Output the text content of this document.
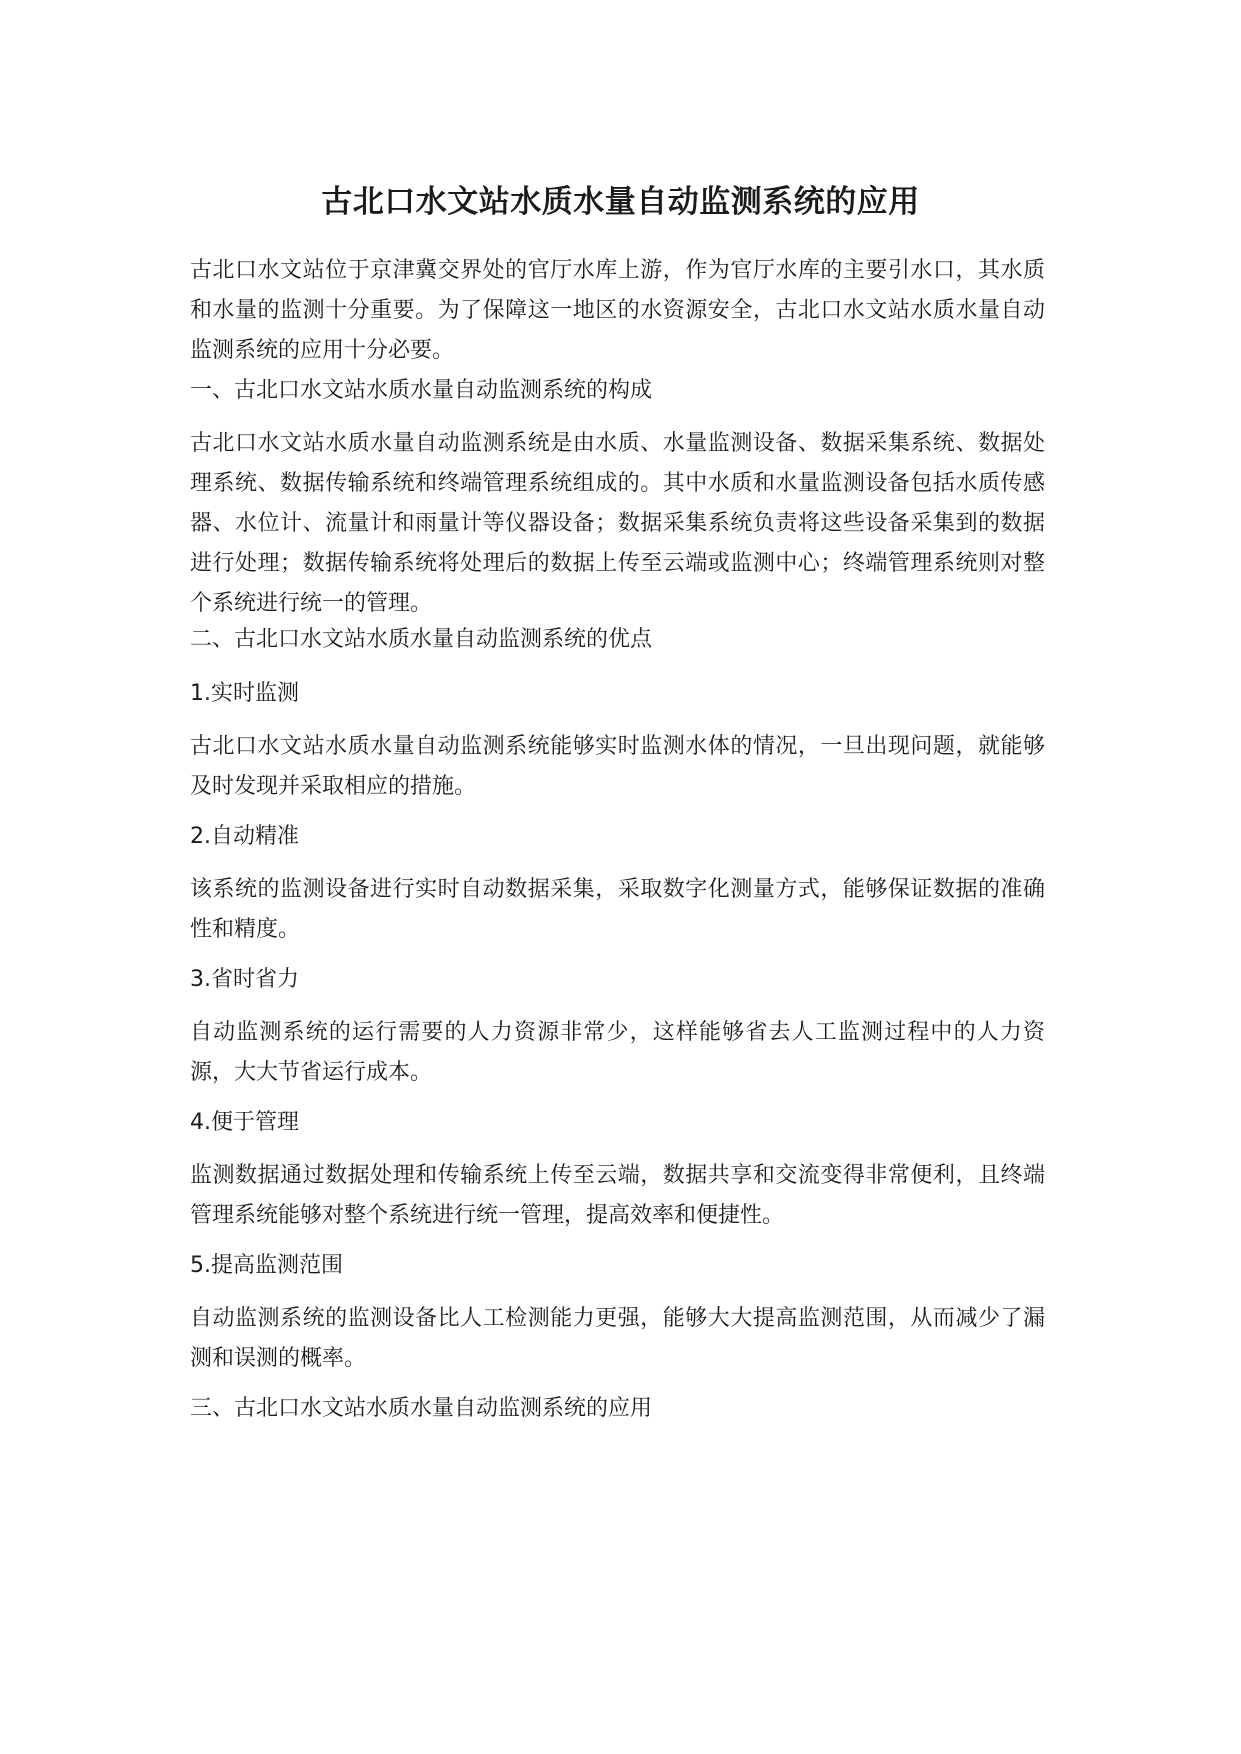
古北口水文站水质水量自动监测系统的应用

古北口水文站位于京津冀交界处的官厅水库上游，作为官厅水库的主要引水口，其水质和水量的监测十分重要。为了保障这一地区的水资源安全，古北口水文站水质水量自动监测系统的应用十分必要。

一、古北口水文站水质水量自动监测系统的构成

古北口水文站水质水量自动监测系统是由水质、水量监测设备、数据采集系统、数据处理系统、数据传输系统和终端管理系统组成的。其中水质和水量监测设备包括水质传感器、水位计、流量计和雨量计等仪器设备；数据采集系统负责将这些设备采集到的数据进行处理；数据传输系统将处理后的数据上传至云端或监测中心；终端管理系统则对整个系统进行统一的管理。

二、古北口水文站水质水量自动监测系统的优点

1.实时监测

古北口水文站水质水量自动监测系统能够实时监测水体的情况，一旦出现问题，就能够及时发现并采取相应的措施。

2.自动精准

该系统的监测设备进行实时自动数据采集，采取数字化测量方式，能够保证数据的准确性和精度。

3.省时省力

自动监测系统的运行需要的人力资源非常少，这样能够省去人工监测过程中的人力资源，大大节省运行成本。

4.便于管理

监测数据通过数据处理和传输系统上传至云端，数据共享和交流变得非常便利，且终端管理系统能够对整个系统进行统一管理，提高效率和便捷性。

5.提高监测范围

自动监测系统的监测设备比人工检测能力更强，能够大大提高监测范围，从而减少了漏测和误测的概率。

三、古北口水文站水质水量自动监测系统的应用
